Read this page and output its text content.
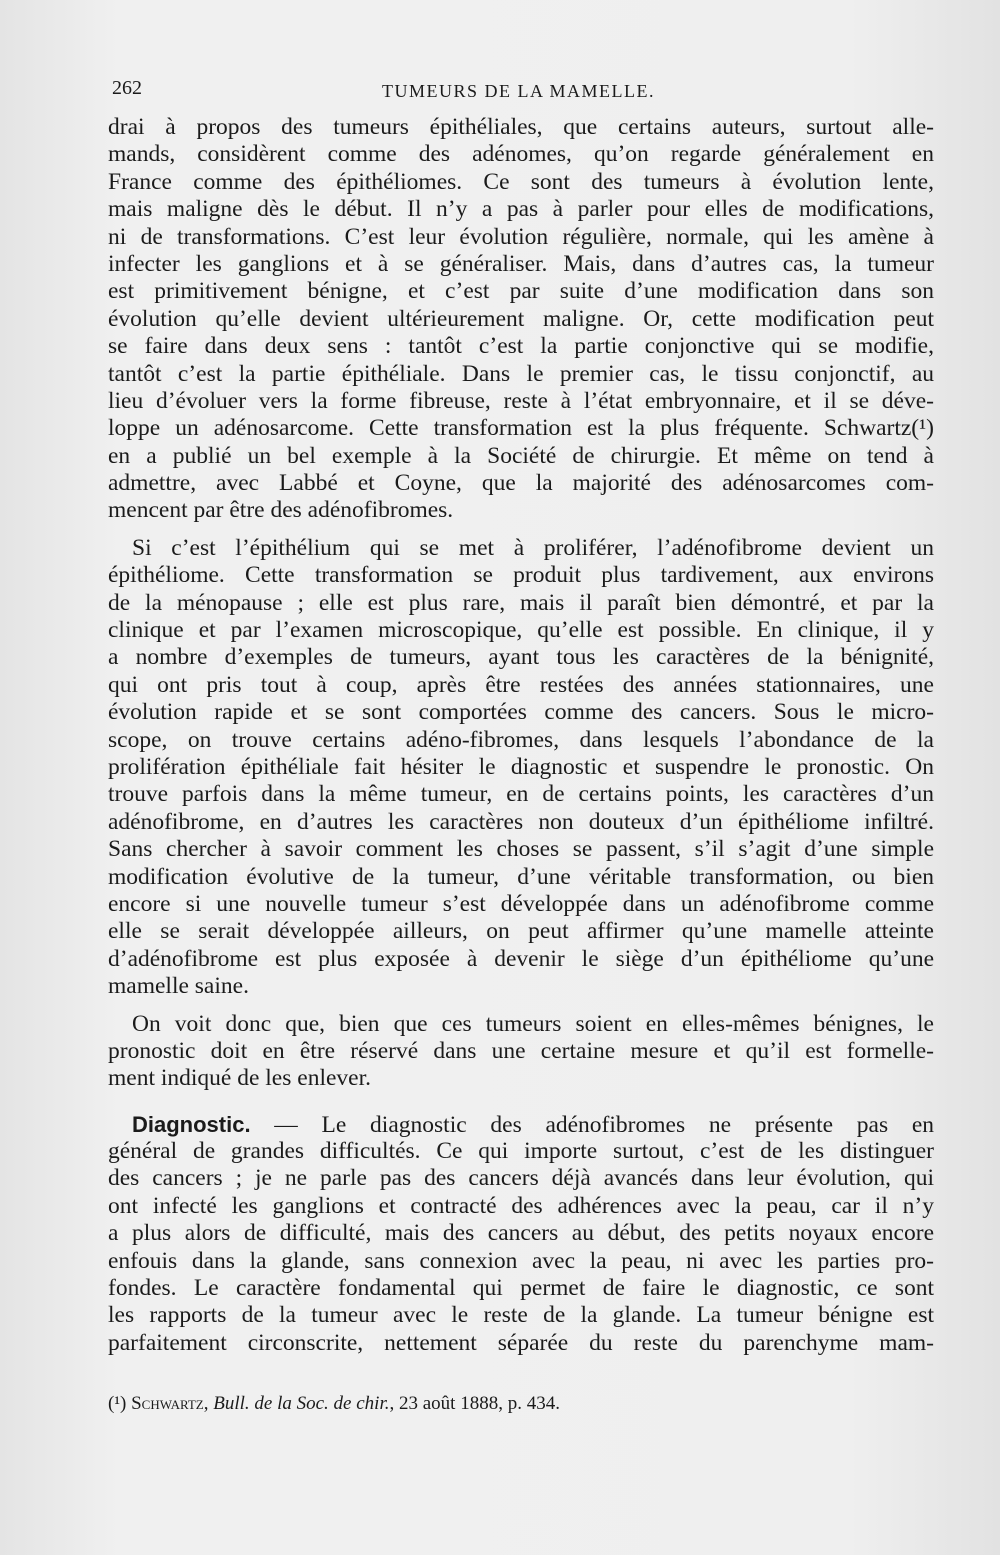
262	TUMEURS DE LA MAMELLE.
drai à propos des tumeurs épithéliales, que certains auteurs, surtout alle-
mands, considèrent comme des adénomes, qu’on regarde généralement en
France comme des épithéliomes. Ce sont des tumeurs à évolution lente,
mais maligne dès le début. Il n’y a pas à parler pour elles de modifications,
ni de transformations. C’est leur évolution régulière, normale, qui les amène à
infecter les ganglions et à se généraliser. Mais, dans d’autres cas, la tumeur
est primitivement bénigne, et c’est par suite d’une modification dans son
évolution qu’elle devient ultérieurement maligne. Or, cette modification peut
se faire dans deux sens : tantôt c’est la partie conjonctive qui se modifie,
tantôt c’est la partie épithéliale. Dans le premier cas, le tissu conjonctif, au
lieu d’évoluer vers la forme fibreuse, reste à l’état embryonnaire, et il se déve-
loppe un adénosarcome. Cette transformation est la plus fréquente. Schwartz(¹)
en a publié un bel exemple à la Société de chirurgie. Et même on tend à
admettre, avec Labbé et Coyne, que la majorité des adénosarcomes com-
mencent par être des adénofibromes.
Si c’est l’épithélium qui se met à proliférer, l’adénofibrome devient un
épithéliome. Cette transformation se produit plus tardivement, aux environs
de la ménopause ; elle est plus rare, mais il paraît bien démontré, et par la
clinique et par l’examen microscopique, qu’elle est possible. En clinique, il y
a nombre d’exemples de tumeurs, ayant tous les caractères de la bénignité,
qui ont pris tout à coup, après être restées des années stationnaires, une
évolution rapide et se sont comportées comme des cancers. Sous le micro-
scope, on trouve certains adéno-fibromes, dans lesquels l’abondance de la
prolifération épithéliale fait hésiter le diagnostic et suspendre le pronostic. On
trouve parfois dans la même tumeur, en de certains points, les caractères d’un
adénofibrome, en d’autres les caractères non douteux d’un épithéliome infiltré.
Sans chercher à savoir comment les choses se passent, s’il s’agit d’une simple
modification évolutive de la tumeur, d’une véritable transformation, ou bien
encore si une nouvelle tumeur s’est développée dans un adénofibrome comme
elle se serait développée ailleurs, on peut affirmer qu’une mamelle atteinte
d’adénofibrome est plus exposée à devenir le siège d’un épithéliome qu’une
mamelle saine.
On voit donc que, bien que ces tumeurs soient en elles-mêmes bénignes, le
pronostic doit en être réservé dans une certaine mesure et qu’il est formelle-
ment indiqué de les enlever.
Diagnostic. — Le diagnostic des adénofibromes ne présente pas en
général de grandes difficultés. Ce qui importe surtout, c’est de les distinguer
des cancers ; je ne parle pas des cancers déjà avancés dans leur évolution, qui
ont infecté les ganglions et contracté des adhérences avec la peau, car il n’y
a plus alors de difficulté, mais des cancers au début, des petits noyaux encore
enfouis dans la glande, sans connexion avec la peau, ni avec les parties pro-
fondes. Le caractère fondamental qui permet de faire le diagnostic, ce sont
les rapports de la tumeur avec le reste de la glande. La tumeur bénigne est
parfaitement circonscrite, nettement séparée du reste du parenchyme mam-
(¹) Schwartz, Bull. de la Soc. de chir., 23 août 1888, p. 434.
